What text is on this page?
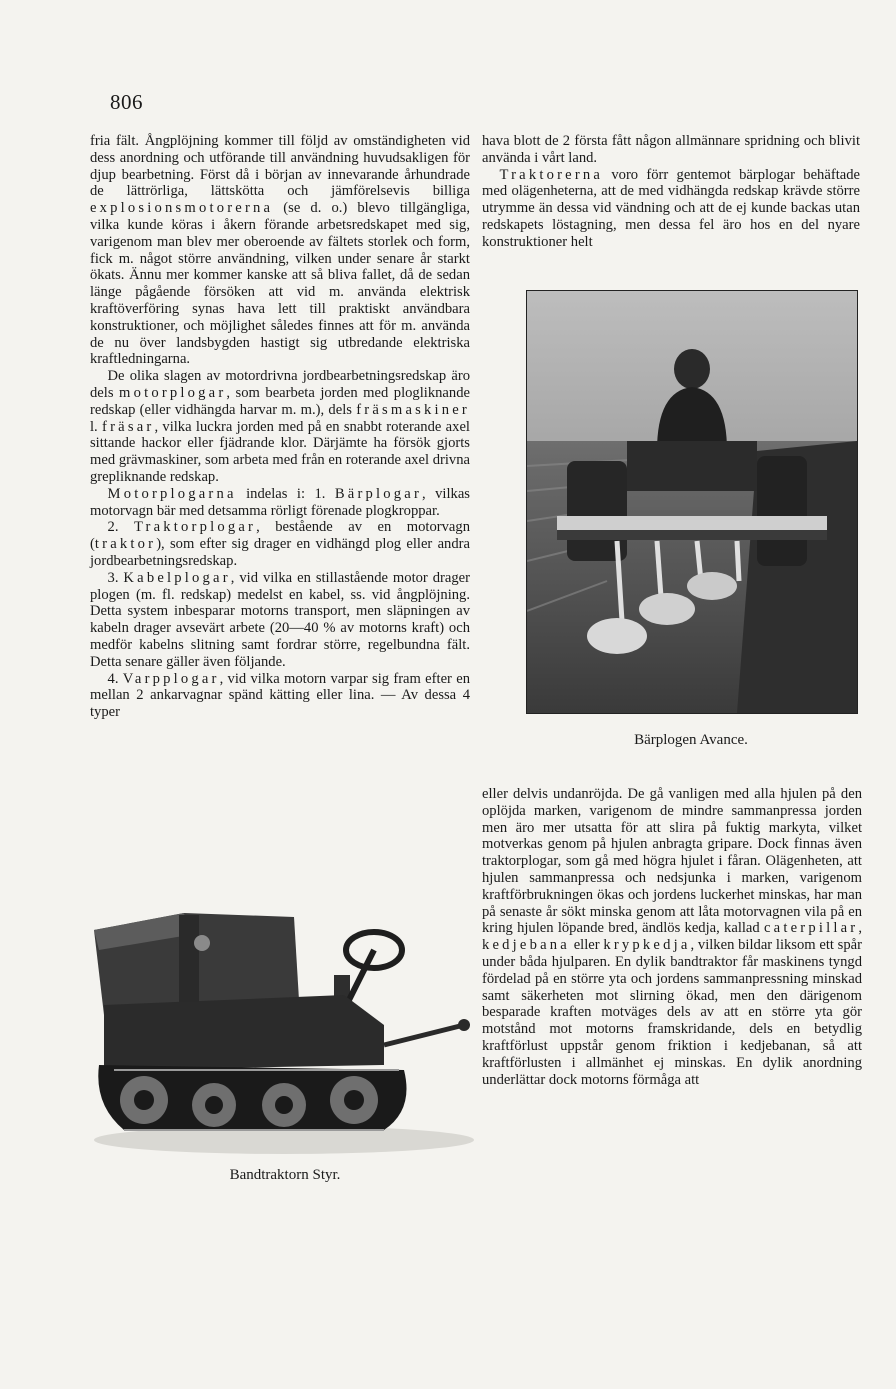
806

fria fält. Ångplöjning kommer till följd av omständigheten vid dess anordning och utförande till användning huvudsakligen för djup bearbetning. Först då i början av innevarande århundrade de lättrörliga, lättskötta och jämförelsevis billiga explosionsmotorerna (se d. o.) blevo tillgängliga, vilka kunde köras i åkern förande arbetsredskapet med sig, varigenom man blev mer oberoende av fältets storlek och form, fick m. något större användning, vilken under senare år starkt ökats. Ännu mer kommer kanske att så bliva fallet, då de sedan länge pågående försöken att vid m. använda elektrisk kraftöverföring synas hava lett till praktiskt användbara konstruktioner, och möjlighet således finnes att för m. använda de nu över landsbygden hastigt sig utbredande elektriska kraftledningarna.

De olika slagen av motordrivna jordbearbetningsredskap äro dels motorplogar, som bearbeta jorden med plogliknande redskap (eller vidhängda harvar m. m.), dels fräsmaskiner l. fräsar, vilka luckra jorden med på en snabbt roterande axel sittande hackor eller fjädrande klor. Därjämte ha försök gjorts med grävmaskiner, som arbeta med från en roterande axel drivna grepliknande redskap.

Motorplogarna indelas i: 1. Bärplogar, vilkas motorvagn bär med detsamma rörligt förenade plogkroppar.

2. Traktorplogar, bestående av en motorvagn (traktor), som efter sig drager en vidhängd plog eller andra jordbearbetningsredskap.

3. Kabelplogar, vid vilka en stillastående motor drager plogen (m. fl. redskap) medelst en kabel, ss. vid ångplöjning. Detta system inbesparar motorns transport, men släpningen av kabeln drager avsevärt arbete (20—40 % av motorns kraft) och medför kabelns slitning samt fordrar större, regelbundna fält. Detta senare gäller även följande.

4. Varpplogar, vid vilka motorn varpar sig fram efter en mellan 2 ankarvagnar spänd kätting eller lina. — Av dessa 4 typer

hava blott de 2 första fått någon allmännare spridning och blivit använda i vårt land.

Traktorerna voro förr gentemot bärplogar behäftade med olägenheterna, att de med vidhängda redskap krävde större utrymme än dessa vid vändning och att de ej kunde backas utan redskapets löstagning, men dessa fel äro hos en del nyare konstruktioner helt

Bärplogen Avance.

eller delvis undanröjda. De gå vanligen med alla hjulen på den oplöjda marken, varigenom de mindre sammanpressa jorden men äro mer utsatta för att slira på fuktig markyta, vilket motverkas genom på hjulen anbragta gripare. Dock finnas även traktorplogar, som gå med högra hjulet i fåran. Olägenheten, att hjulen sammanpressa och nedsjunka i marken, varigenom kraftförbrukningen ökas och jordens luckerhet minskas, har man på senaste år sökt minska genom att låta motorvagnen vila på en kring hjulen löpande bred, ändlös kedja, kallad caterpillar, kedjebana eller krypkedja, vilken bildar liksom ett spår under båda hjulparen. En dylik bandtraktor får maskinens tyngd fördelad på en större yta och jordens sammanpressning minskad samt säkerheten mot slirning ökad, men den därigenom besparade kraften motväges dels av att en större yta gör motstånd mot motorns framskridande, dels en betydlig kraftförlust uppstår genom friktion i kedjebanan, så att kraftförlusten i allmänhet ej minskas. En dylik anordning underlättar dock motorns förmåga att

Bandtraktorn Styr.
